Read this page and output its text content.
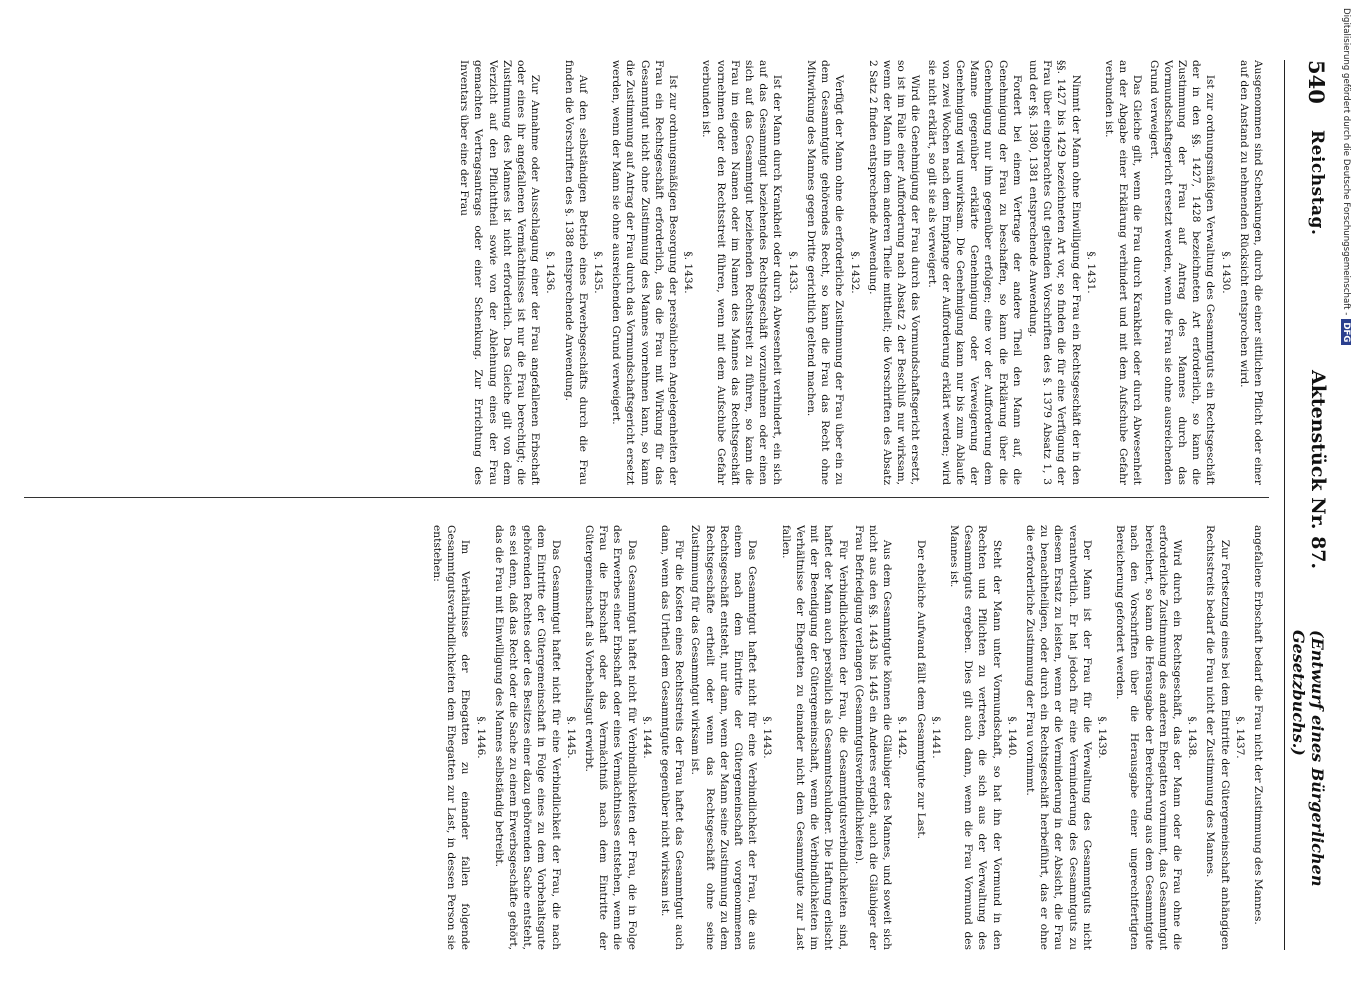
540
Reichstag.
Aktenstück Nr. 87.
(Entwurf eines Bürgerlichen Gesetzbuchs.)

Ausgenommen sind Schenkungen, durch die einer sittlichen Pflicht oder einer auf den Anstand zu nehmenden Rücksicht entsprochen wird.

§. 1430.

Ist zur ordnungsmäßigen Verwaltung des Gesammtguts ein Rechtsgeschäft der in den §§. 1427, 1428 bezeichneten Art erforderlich, so kann die Zustimmung der Frau auf Antrag des Mannes durch das Vormundschaftsgericht ersetzt werden, wenn die Frau sie ohne ausreichenden Grund verweigert.

Das Gleiche gilt, wenn die Frau durch Krankheit oder durch Abwesenheit an der Abgabe einer Erklärung verhindert und mit dem Aufschube Gefahr verbunden ist.

§. 1431.

Nimmt der Mann ohne Einwilligung der Frau ein Rechtsgeschäft der in den §§. 1427 bis 1429 bezeichneten Art vor, so finden die für eine Verfügung der Frau über eingebrachtes Gut geltenden Vorschriften des §. 1379 Absatz 1, 3 und der §§. 1380, 1381 entsprechende Anwendung.

Fordert bei einem Vertrage der andere Theil den Mann auf, die Genehmigung der Frau zu beschaffen, so kann die Erklärung über die Genehmigung nur ihm gegenüber erfolgen; eine vor der Aufforderung dem Manne gegenüber erklärte Genehmigung oder Verweigerung der Genehmigung wird unwirksam. Die Genehmigung kann nur bis zum Ablaufe von zwei Wochen nach dem Empfange der Aufforderung erklärt werden; wird sie nicht erklärt, so gilt sie als verweigert.

Wird die Genehmigung der Frau durch das Vormundschaftsgericht ersetzt, so ist im Falle einer Aufforderung nach Absatz 2 der Beschluß nur wirksam, wenn der Mann ihn dem anderen Theile mittheilt; die Vorschriften des Absatz 2 Satz 2 finden entsprechende Anwendung.

§. 1432.

Verfügt der Mann ohne die erforderliche Zustimmung der Frau über ein zu dem Gesammtgute gehörendes Recht, so kann die Frau das Recht ohne Mitwirkung des Mannes gegen Dritte gerichtlich geltend machen.

§. 1433.

Ist der Mann durch Krankheit oder durch Abwesenheit verhindert, ein sich auf das Gesammtgut beziehendes Rechtsgeschäft vorzunehmen oder einen sich auf das Gesammtgut beziehenden Rechtsstreit zu führen, so kann die Frau im eigenen Namen oder im Namen des Mannes das Rechtsgeschäft vornehmen oder den Rechtsstreit führen, wenn mit dem Aufschube Gefahr verbunden ist.

§. 1434.

Ist zur ordnungsmäßigen Besorgung der persönlichen Angelegenheiten der Frau ein Rechtsgeschäft erforderlich, das die Frau mit Wirkung für das Gesammtgut nicht ohne Zustimmung des Mannes vornehmen kann, so kann die Zustimmung auf Antrag der Frau durch das Vormundschaftsgericht ersetzt werden, wenn der Mann sie ohne ausreichenden Grund verweigert.

§. 1435.

Auf den selbständigen Betrieb eines Erwerbsgeschäfts durch die Frau finden die Vorschriften des §. 1388 entsprechende Anwendung.

§. 1436.

Zur Annahme oder Ausschlagung einer der Frau angefallenen Erbschaft oder eines ihr angefallenen Vermächtnisses ist nur die Frau berechtigt; die Zustimmung des Mannes ist nicht erforderlich. Das Gleiche gilt von dem Verzicht auf den Pflichttheil sowie von der Ablehnung eines der Frau gemachten Vertragsantrags oder einer Schenkung. Zur Errichtung des Inventars über eine der Frau

angefallene Erbschaft bedarf die Frau nicht der Zustimmung des Mannes.

§. 1437.

Zur Fortsetzung eines bei dem Eintritte der Gütergemeinschaft anhängigen Rechtsstreits bedarf die Frau nicht der Zustimmung des Mannes.

§. 1438.

Wird durch ein Rechtsgeschäft, das der Mann oder die Frau ohne die erforderliche Zustimmung des anderen Ehegatten vornimmt, das Gesammtgut bereichert, so kann die Herausgabe der Bereicherung aus dem Gesammtgute nach den Vorschriften über die Herausgabe einer ungerechtfertigten Bereicherung gefordert werden.

§. 1439.

Der Mann ist der Frau für die Verwaltung des Gesammtguts nicht verantwortlich. Er hat jedoch für eine Verminderung des Gesammtguts zu diesem Ersatz zu leisten, wenn er die Verminderung in der Absicht, die Frau zu benachtheiligen, oder durch ein Rechtsgeschäft herbeiführt, das er ohne die erforderliche Zustimmung der Frau vornimmt.

§. 1440.

Steht der Mann unter Vormundschaft, so hat ihn der Vormund in den Rechten und Pflichten zu vertreten, die sich aus der Verwaltung des Gesammtguts ergeben. Dies gilt auch dann, wenn die Frau Vormund des Mannes ist.

§. 1441.

Der eheliche Aufwand fällt dem Gesammtgute zur Last.

§. 1442.

Aus dem Gesammtgute können die Gläubiger des Mannes, und soweit sich nicht aus den §§. 1443 bis 1445 ein Anderes ergiebt, auch die Gläubiger der Frau Befriedigung verlangen (Gesammtgutsverbindlichkeiten).

Für Verbindlichkeiten der Frau, die Gesammtgutsverbindlichkeiten sind, haftet der Mann auch persönlich als Gesammtschuldner. Die Haftung erlischt mit der Beendigung der Gütergemeinschaft, wenn die Verbindlichkeiten im Verhältnisse der Ehegatten zu einander nicht dem Gesammtgute zur Last fallen.

§. 1443.

Das Gesammtgut haftet nicht für eine Verbindlichkeit der Frau, die aus einem nach dem Eintritte der Gütergemeinschaft vorgenommenen Rechtsgeschäft entsteht, nur dann, wenn der Mann seine Zustimmung zu dem Rechtsgeschäfte ertheilt oder wenn das Rechtsgeschäft ohne seine Zustimmung für das Gesammtgut wirksam ist.

Für die Kosten eines Rechtsstreits der Frau haftet das Gesammtgut auch dann, wenn das Urtheil dem Gesammtgute gegenüber nicht wirksam ist.

§. 1444.

Das Gesammtgut haftet nicht für Verbindlichkeiten der Frau, die in Folge des Erwerbes einer Erbschaft oder eines Vermächtnisses entstehen, wenn die Frau die Erbschaft oder das Vermächtniß nach dem Eintritte der Gütergemeinschaft als Vorbehaltsgut erwirbt.

§. 1445.

Das Gesammtgut haftet nicht für eine Verbindlichkeit der Frau, die nach dem Eintritte der Gütergemeinschaft in Folge eines zu dem Vorbehaltsgute gehörenden Rechtes oder des Besitzes einer dazu gehörenden Sache entsteht, es sei denn, daß das Recht oder die Sache zu einem Erwerbsgeschäfte gehört, das die Frau mit Einwilligung des Mannes selbständig betreibt.

§. 1446.

Im Verhältnisse der Ehegatten zu einander fallen folgende Gesammtgutsverbindlichkeiten dem Ehegatten zur Last, in dessen Person sie entstehen:

Digitalisierung gefördert durch die Deutsche Forschungsgemeinschaft -DFG
